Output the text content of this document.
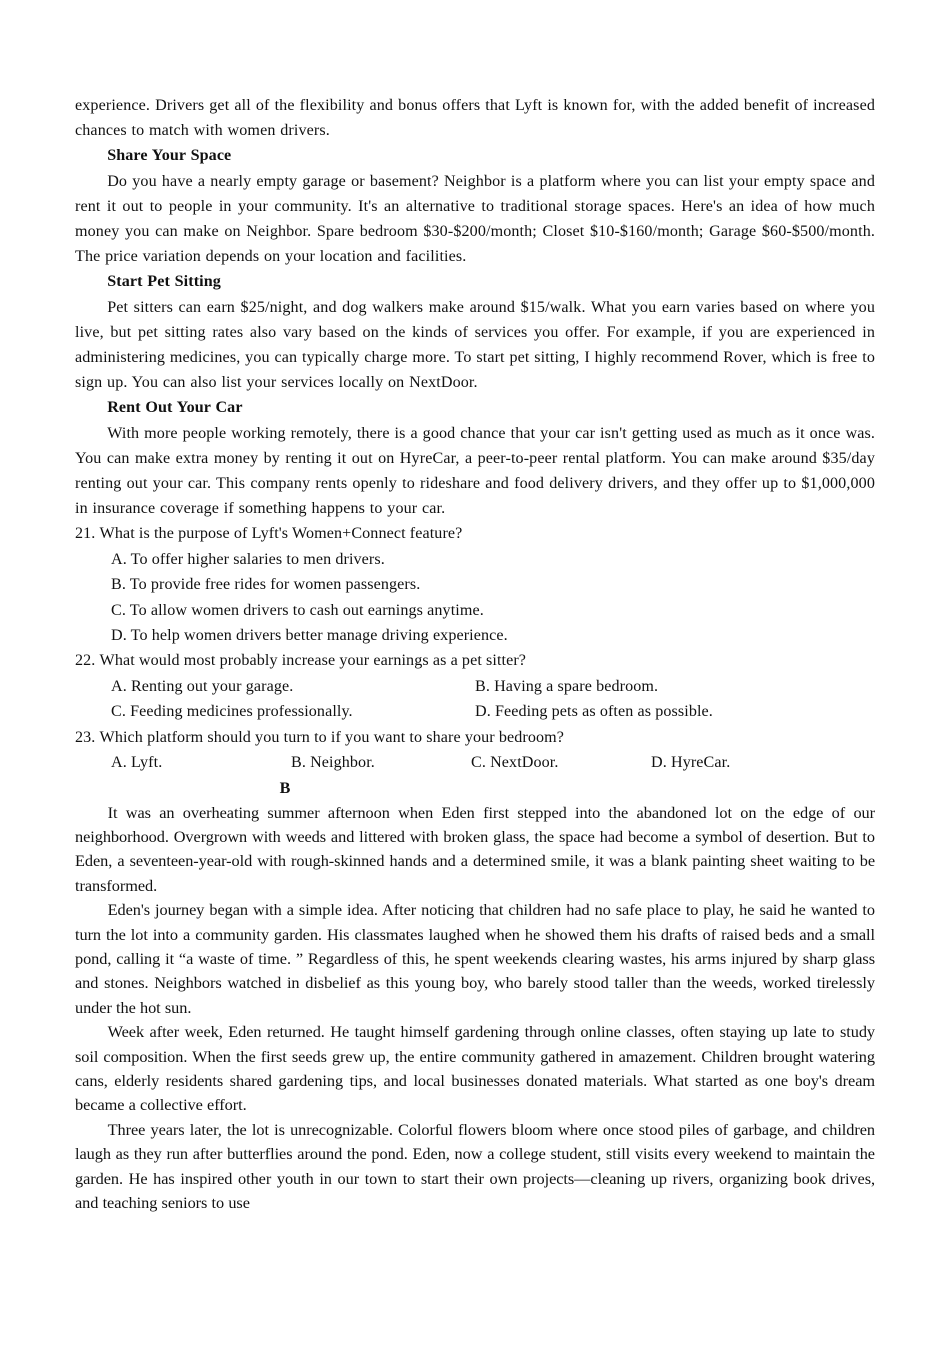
experience. Drivers get all of the flexibility and bonus offers that Lyft is known for, with the added benefit of increased chances to match with women drivers.

Share Your Space

Do you have a nearly empty garage or basement? Neighbor is a platform where you can list your empty space and rent it out to people in your community. It's an alternative to traditional storage spaces. Here's an idea of how much money you can make on Neighbor. Spare bedroom $30-$200/month; Closet $10-$160/month; Garage $60-$500/month. The price variation depends on your location and facilities.

Start Pet Sitting

Pet sitters can earn $25/night, and dog walkers make around $15/walk. What you earn varies based on where you live, but pet sitting rates also vary based on the kinds of services you offer. For example, if you are experienced in administering medicines, you can typically charge more. To start pet sitting, I highly recommend Rover, which is free to sign up. You can also list your services locally on NextDoor.

Rent Out Your Car

With more people working remotely, there is a good chance that your car isn't getting used as much as it once was. You can make extra money by renting it out on HyreCar, a peer-to-peer rental platform. You can make around $35/day renting out your car. This company rents openly to rideshare and food delivery drivers, and they offer up to $1,000,000 in insurance coverage if something happens to your car.

21. What is the purpose of Lyft's Women+Connect feature?

A. To offer higher salaries to men drivers.

B. To provide free rides for women passengers.

C. To allow women drivers to cash out earnings anytime.

D. To help women drivers better manage driving experience.

22. What would most probably increase your earnings as a pet sitter?

A. Renting out your garage.	B. Having a spare bedroom.

C. Feeding medicines professionally.	D. Feeding pets as often as possible.

23. Which platform should you turn to if you want to share your bedroom?

A. Lyft.	B. Neighbor.	C. NextDoor.	D. HyreCar.

B

It was an overheating summer afternoon when Eden first stepped into the abandoned lot on the edge of our neighborhood. Overgrown with weeds and littered with broken glass, the space had become a symbol of desertion. But to Eden, a seventeen-year-old with rough-skinned hands and a determined smile, it was a blank painting sheet waiting to be transformed.

Eden's journey began with a simple idea. After noticing that children had no safe place to play, he said he wanted to turn the lot into a community garden. His classmates laughed when he showed them his drafts of raised beds and a small pond, calling it “a waste of time. ” Regardless of this, he spent weekends clearing wastes, his arms injured by sharp glass and stones. Neighbors watched in disbelief as this young boy, who barely stood taller than the weeds, worked tirelessly under the hot sun.

Week after week, Eden returned. He taught himself gardening through online classes, often staying up late to study soil composition. When the first seeds grew up, the entire community gathered in amazement. Children brought watering cans, elderly residents shared gardening tips, and local businesses donated materials. What started as one boy's dream became a collective effort.

Three years later, the lot is unrecognizable. Colorful flowers bloom where once stood piles of garbage, and children laugh as they run after butterflies around the pond. Eden, now a college student, still visits every weekend to maintain the garden. He has inspired other youth in our town to start their own projects—cleaning up rivers, organizing book drives, and teaching seniors to use
